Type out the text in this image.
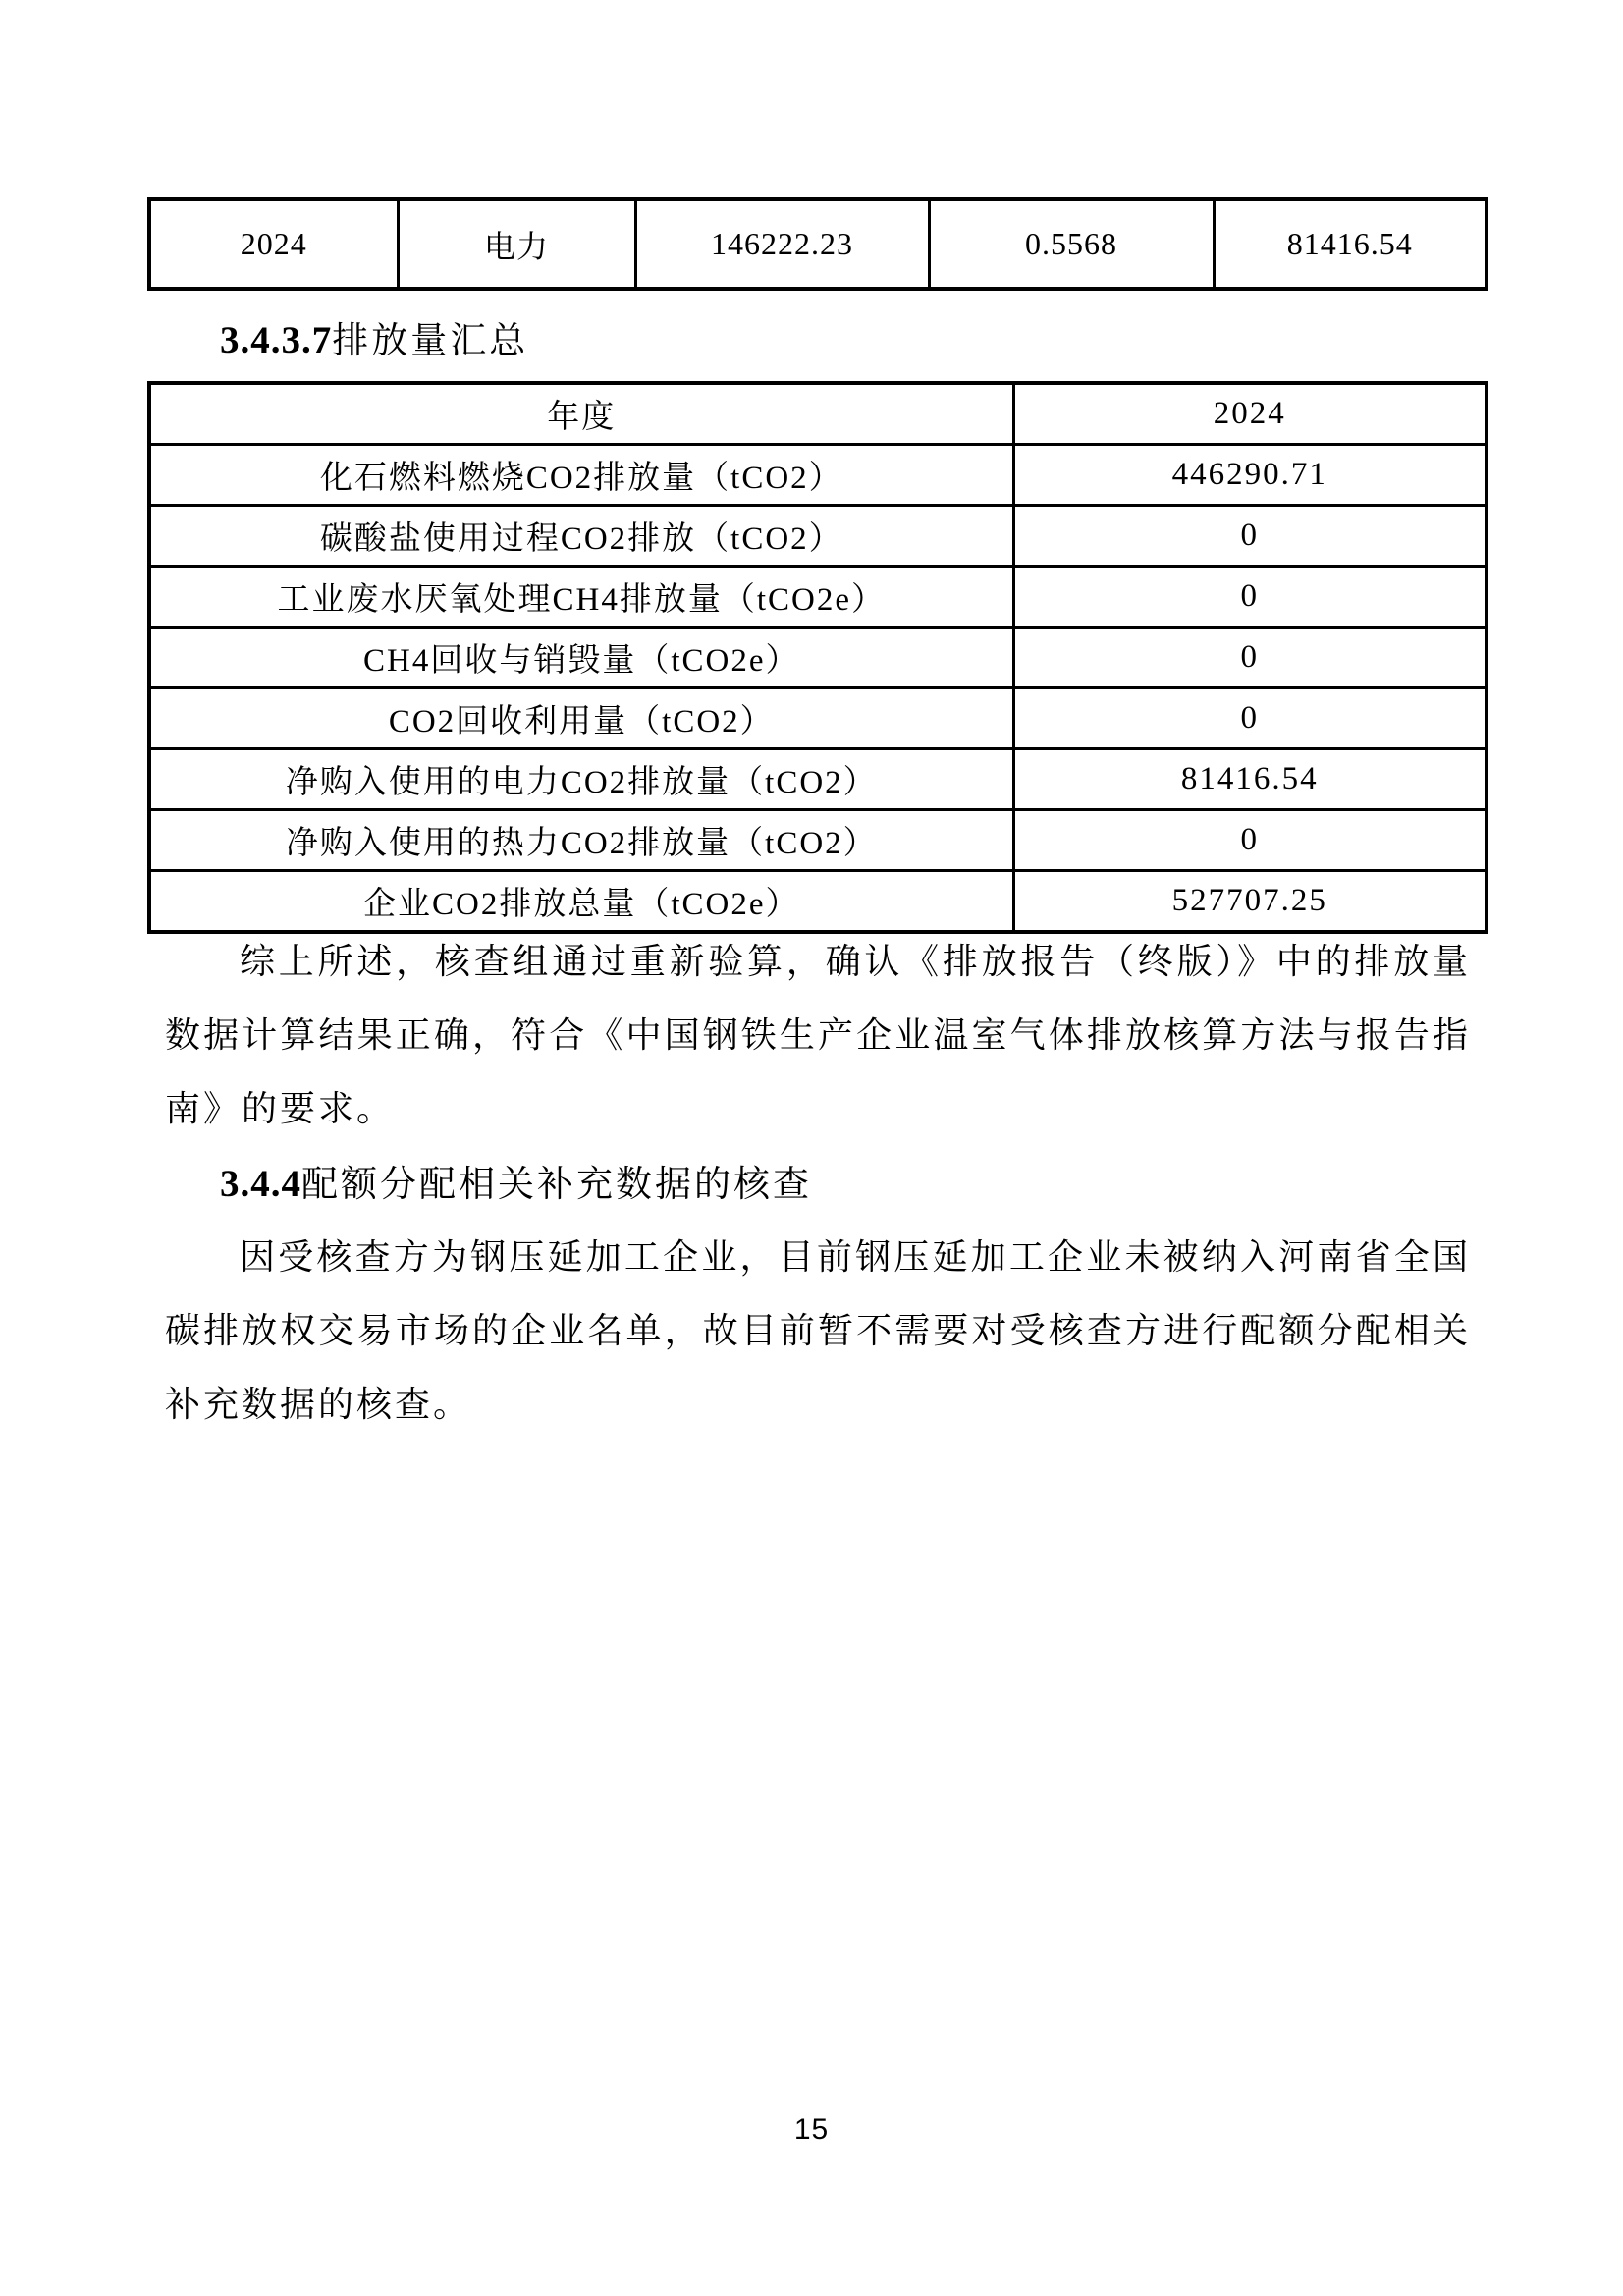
2024	电力	146222.23	0.5568	81416.54
3.4.3.7排放量汇总
年度	2024
化石燃料燃烧CO2排放量（tCO2）	446290.71
碳酸盐使用过程CO2排放（tCO2）	0
工业废水厌氧处理CH4排放量（tCO2e）	0
CH4回收与销毁量（tCO2e）	0
CO2回收利用量（tCO2）	0
净购入使用的电力CO2排放量（tCO2）	81416.54
净购入使用的热力CO2排放量（tCO2）	0
企业CO2排放总量（tCO2e）	527707.25
综上所述，核查组通过重新验算，确认《排放报告（终版）》中的排放量数据计算结果正确，符合《中国钢铁生产企业温室气体排放核算方法与报告指南》的要求。
3.4.4配额分配相关补充数据的核查
因受核查方为钢压延加工企业，目前钢压延加工企业未被纳入河南省全国碳排放权交易市场的企业名单，故目前暂不需要对受核查方进行配额分配相关补充数据的核查。
15
